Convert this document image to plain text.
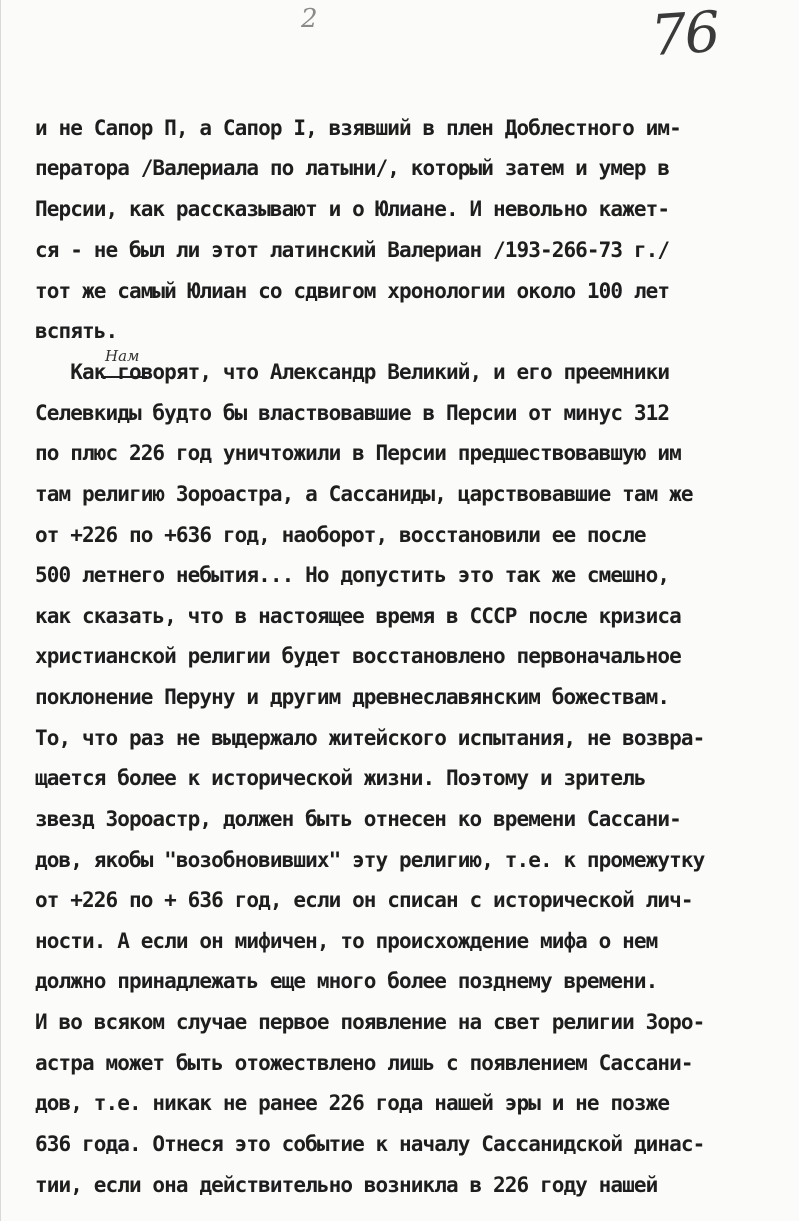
2	76
Нам
и не Сапор П, а Сапор I, взявший в плен Доблестного им-
ператора /Валериала по латыни/, который затем и умер в
Персии, как рассказывают и о Юлиане. И невольно кажет-
ся - не был ли этот латинский Валериан /193-266-73 г./
тот же самый Юлиан со сдвигом хронологии около 100 лет
вспять.
Как говорят, что Александр Великий, и его преемники
Селевкиды будто бы властвовавшие в Персии от минус 312
по плюс 226 год уничтожили в Персии предшествовавшую им
там религию Зороастра, а Сассаниды, царствовавшие там же
от +226 по +636 год, наоборот, восстановили ее после
500 летнего небытия... Но допустить это так же смешно,
как сказать, что в настоящее время в СССР после кризиса
христианской религии будет восстановлено первоначальное
поклонение Перуну и другим древнеславянским божествам.
То, что раз не выдержало житейского испытания, не возвра-
щается более к исторической жизни. Поэтому и зритель
звезд Зороастр, должен быть отнесен ко времени Сассани-
дов, якобы "возобновивших" эту религию, т.е. к промежутку
от +226 по + 636 год, если он списан с исторической лич-
ности. А если он мифичен, то происхождение мифа о нем
должно принадлежать еще много более позднему времени.
И во всяком случае первое появление на свет религии Зоро-
астра может быть отожествлено лишь с появлением Сассани-
дов, т.е. никак не ранее 226 года нашей эры и не позже
636 года. Отнеся это событие к началу Сассанидской динас-
тии, если она действительно возникла в 226 году нашей
